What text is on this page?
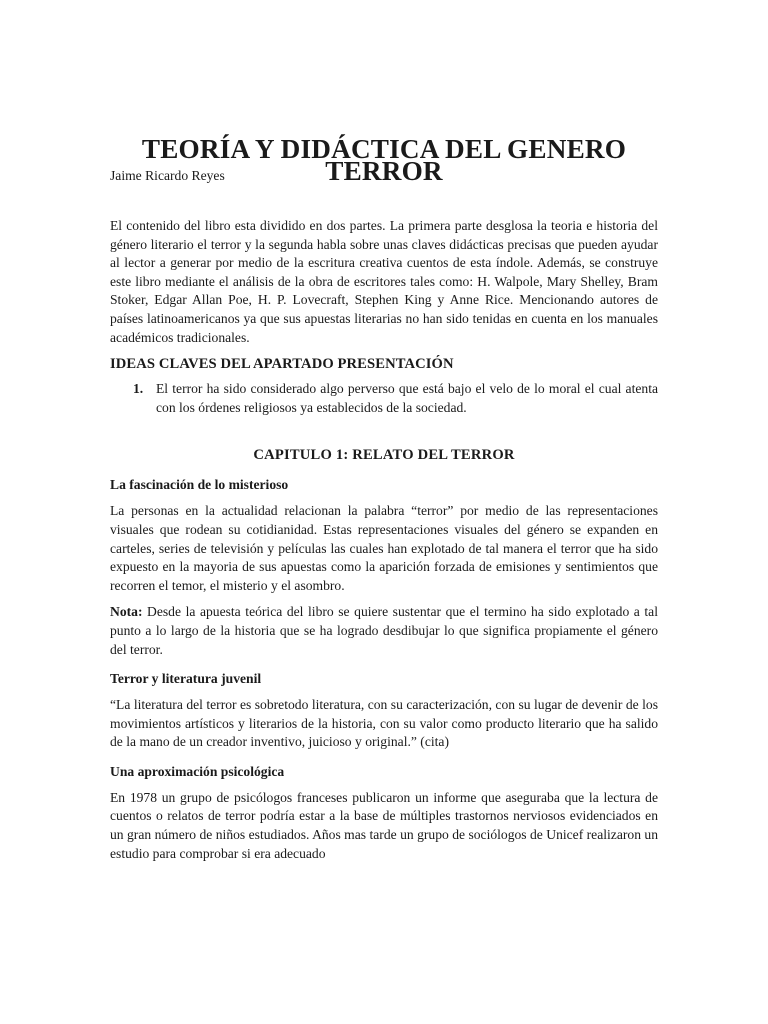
TEORÍA Y DIDÁCTICA DEL GENERO TERROR
Jaime Ricardo Reyes

El contenido del libro esta dividido en dos partes. La primera parte desglosa la teoria e historia del género literario el terror y la segunda habla sobre unas claves didácticas precisas que pueden ayudar al lector a generar por medio de la escritura creativa cuentos de esta índole. Además, se construye este libro mediante el análisis de la obra de escritores tales como: H. Walpole, Mary Shelley, Bram Stoker, Edgar Allan Poe, H. P. Lovecraft, Stephen King y Anne Rice. Mencionando autores de países latinoamericanos ya que sus apuestas literarias no han sido tenidas en cuenta en los manuales académicos tradicionales.

IDEAS CLAVES DEL APARTADO PRESENTACIÓN
1. El terror ha sido considerado algo perverso que está bajo el velo de lo moral el cual atenta con los órdenes religiosos ya establecidos de la sociedad.
CAPITULO 1: RELATO DEL TERROR
La fascinación de lo misterioso

La personas en la actualidad relacionan la palabra “terror” por medio de las representaciones visuales que rodean su cotidianidad. Estas representaciones visuales del género se expanden en carteles, series de televisión y películas las cuales han explotado de tal manera el terror que ha sido expuesto en la mayoria de sus apuestas como la aparición forzada de emisiones y sentimientos que recorren el temor, el misterio y el asombro.

Nota: Desde la apuesta teórica del libro se quiere sustentar que el termino ha sido explotado a tal punto a lo largo de la historia que se ha logrado desdibujar lo que significa propiamente el género del terror.

Terror y literatura juvenil

“La literatura del terror es sobretodo literatura, con su caracterización, con su lugar de devenir de los movimientos artísticos y literarios de la historia, con su valor como producto literario que ha salido de la mano de un creador inventivo, juicioso y original.” (cita)

Una aproximación psicológica

En 1978 un grupo de psicólogos franceses publicaron un informe que aseguraba que la lectura de cuentos o relatos de terror podría estar a la base de múltiples trastornos nerviosos evidenciados en un gran número de niños estudiados. Años mas tarde un grupo de sociólogos de Unicef realizaron un estudio para comprobar si era adecuado
